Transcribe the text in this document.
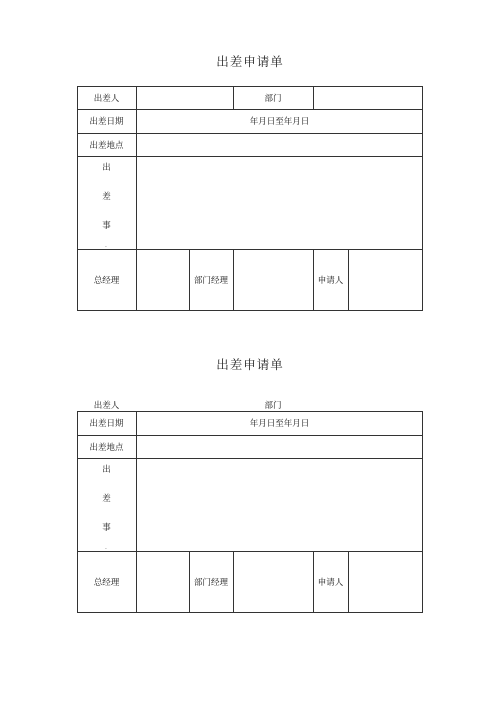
出差申请单
出差人	部门
出差日期	年月日至年月日
出差地点
出
差
事
·
总经理	部门经理	申请人
出差申请单
出差人	部门
出差日期	年月日至年月日
出差地点
出
差
事
·
总经理	部门经理	申请人
